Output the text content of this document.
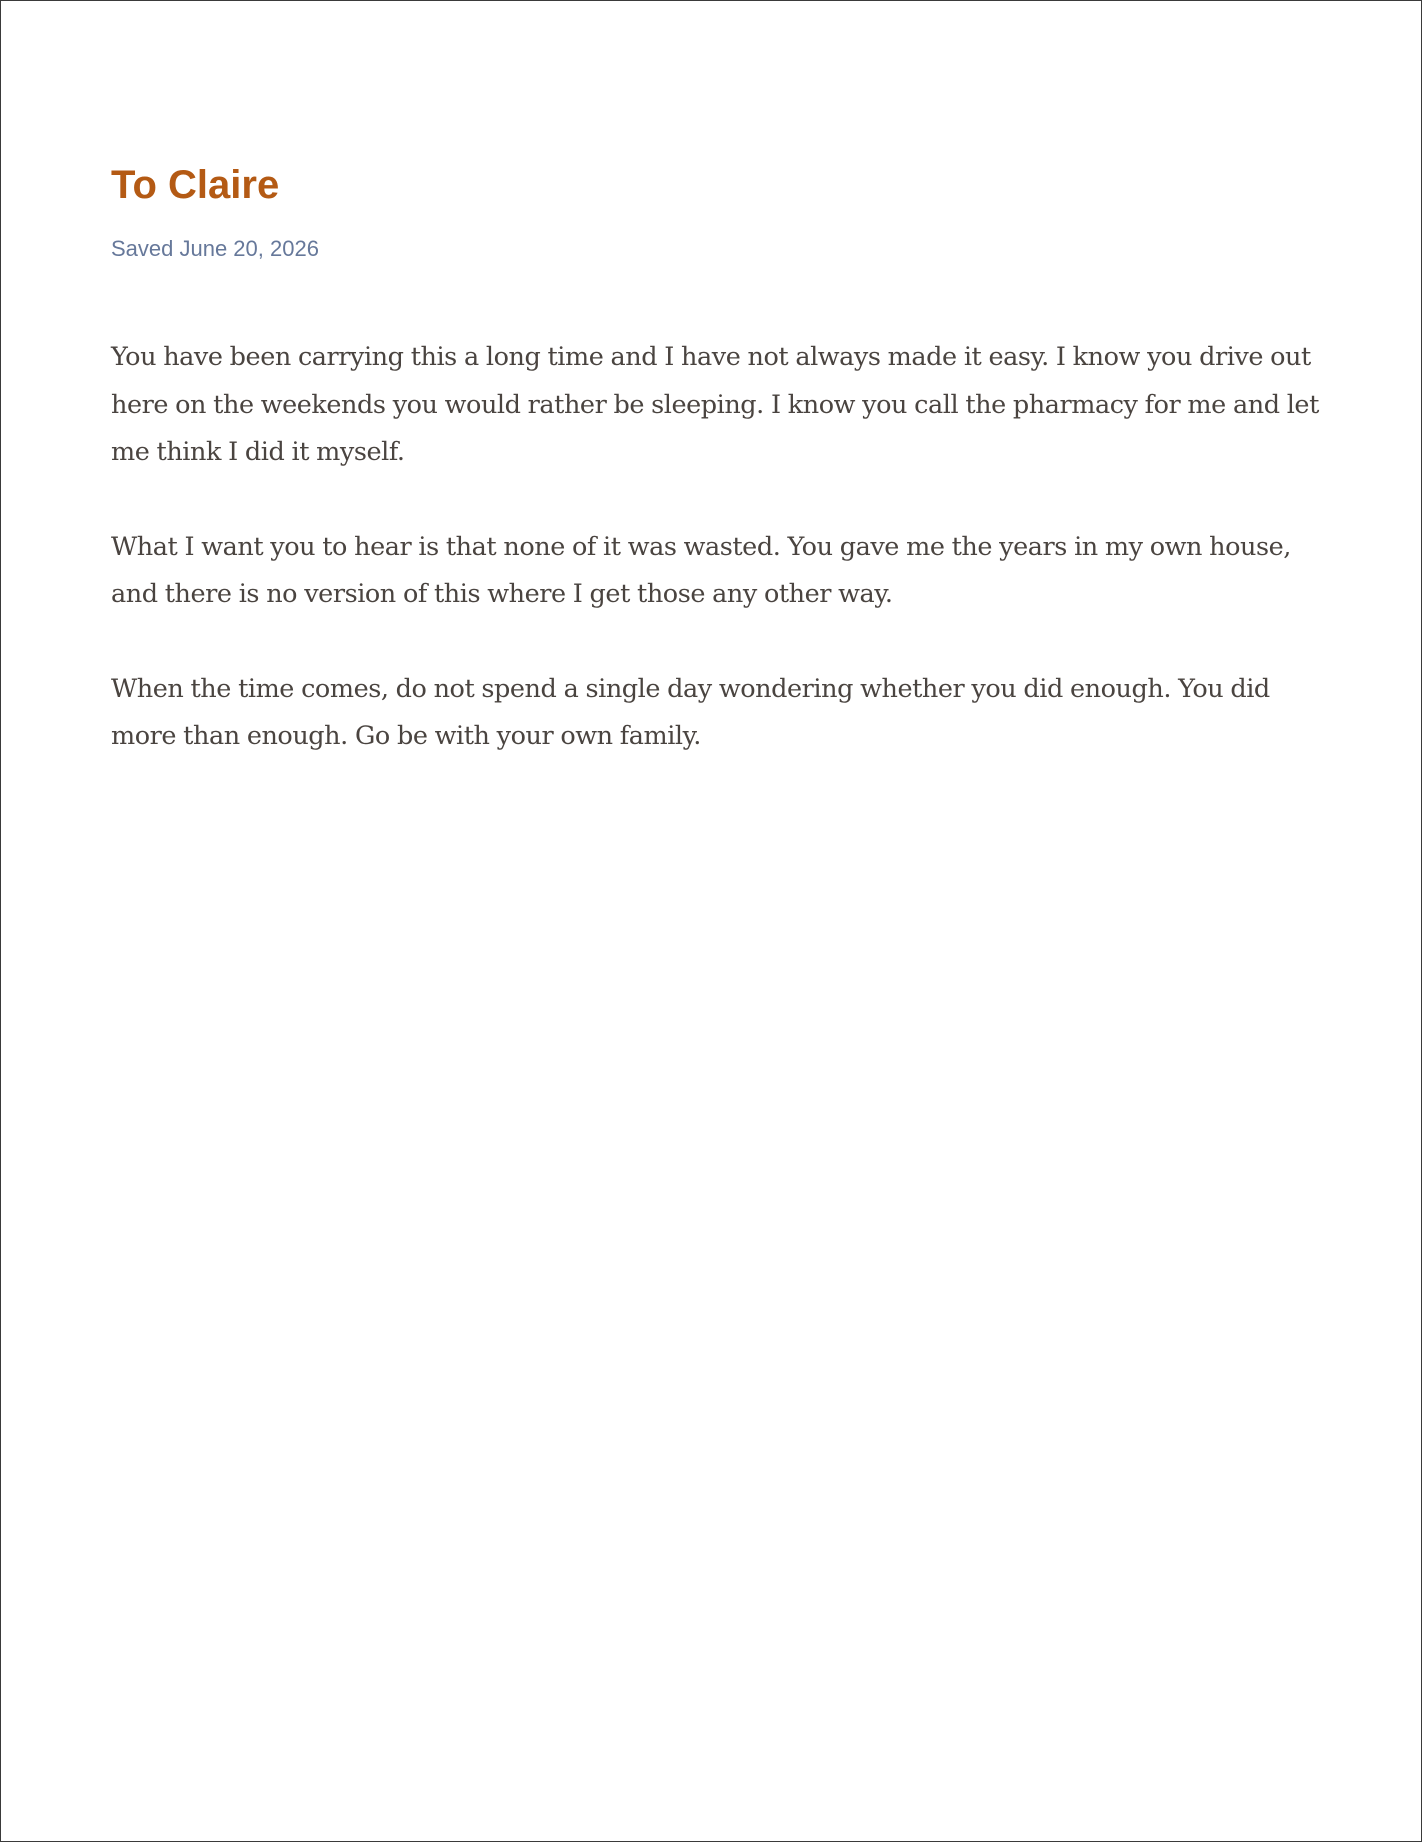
To Claire
Saved June 20, 2026

You have been carrying this a long time and I have not always made it easy. I know you drive out here on the weekends you would rather be sleeping. I know you call the pharmacy for me and let me think I did it myself.

What I want you to hear is that none of it was wasted. You gave me the years in my own house, and there is no version of this where I get those any other way.

When the time comes, do not spend a single day wondering whether you did enough. You did more than enough. Go be with your own family.
